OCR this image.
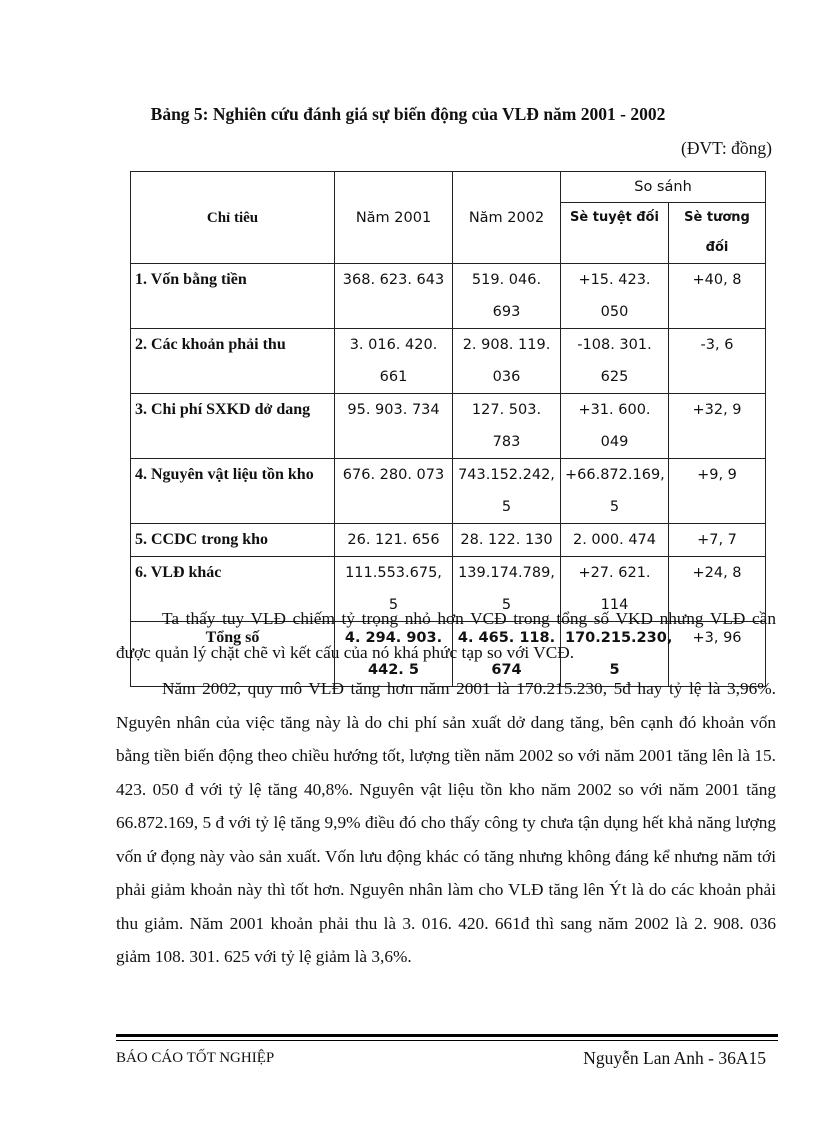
Bảng 5: Nghiên cứu đánh giá sự biến động của VLĐ năm 2001 - 2002
(ĐVT: đồng)
Chỉ tiêu	Năm 2001	Năm 2002	So sánh	
			Sè tuyệt đối	Sè tương đối
1. Vốn bằng tiền	368. 623. 643	519. 046. 693	+15. 423. 050	+40, 8
2. Các khoản phải thu	3. 016. 420. 661	2. 908. 119. 036	-108. 301. 625	-3, 6
3. Chi phí SXKD dở dang	95. 903. 734	127. 503. 783	+31. 600. 049	+32, 9
4. Nguyên vật liệu tồn kho	676. 280. 073	743.152.242, 5	+66.872.169, 5	+9, 9
5. CCDC trong kho	26. 121. 656	28. 122. 130	2. 000. 474	+7, 7
6. VLĐ khác	111.553.675, 5	139.174.789, 5	+27. 621. 114	+24, 8
Tổng số	4. 294. 903. 442. 5	4. 465. 118. 674	170.215.230, 5	+3, 96

Ta thấy tuy VLĐ chiếm tỷ trọng nhỏ hơn VCĐ trong tổng số VKD nhưng VLĐ cần được quản lý chặt chẽ vì kết cấu của nó khá phức tạp so với VCĐ.

Năm 2002, quy mô VLĐ tăng hơn năm 2001 là 170.215.230, 5đ hay tỷ lệ là 3,96%. Nguyên nhân của việc tăng này là do chi phí sản xuất dở dang tăng, bên cạnh đó khoản vốn bằng tiền biến động theo chiều hướng tốt, lượng tiền năm 2002 so với năm 2001 tăng lên là 15. 423. 050 đ với tỷ lệ tăng 40,8%. Nguyên vật liệu tồn kho năm 2002 so với năm 2001 tăng 66.872.169, 5 đ với tỷ lệ tăng 9,9% điều đó cho thấy công ty chưa tận dụng hết khả năng lượng vốn ứ đọng này vào sản xuất. Vốn lưu động khác có tăng nhưng không đáng kể nhưng năm tới phải giảm khoản này thì tốt hơn. Nguyên nhân làm cho VLĐ tăng lên Ýt là do các khoản phải thu giảm. Năm 2001 khoản phải thu là 3. 016. 420. 661đ thì sang năm 2002 là 2. 908. 036 giảm 108. 301. 625 với tỷ lệ giảm là 3,6%.

BÁO CÁO TỐT NGHIỆP	Nguyễn Lan Anh - 36A15
